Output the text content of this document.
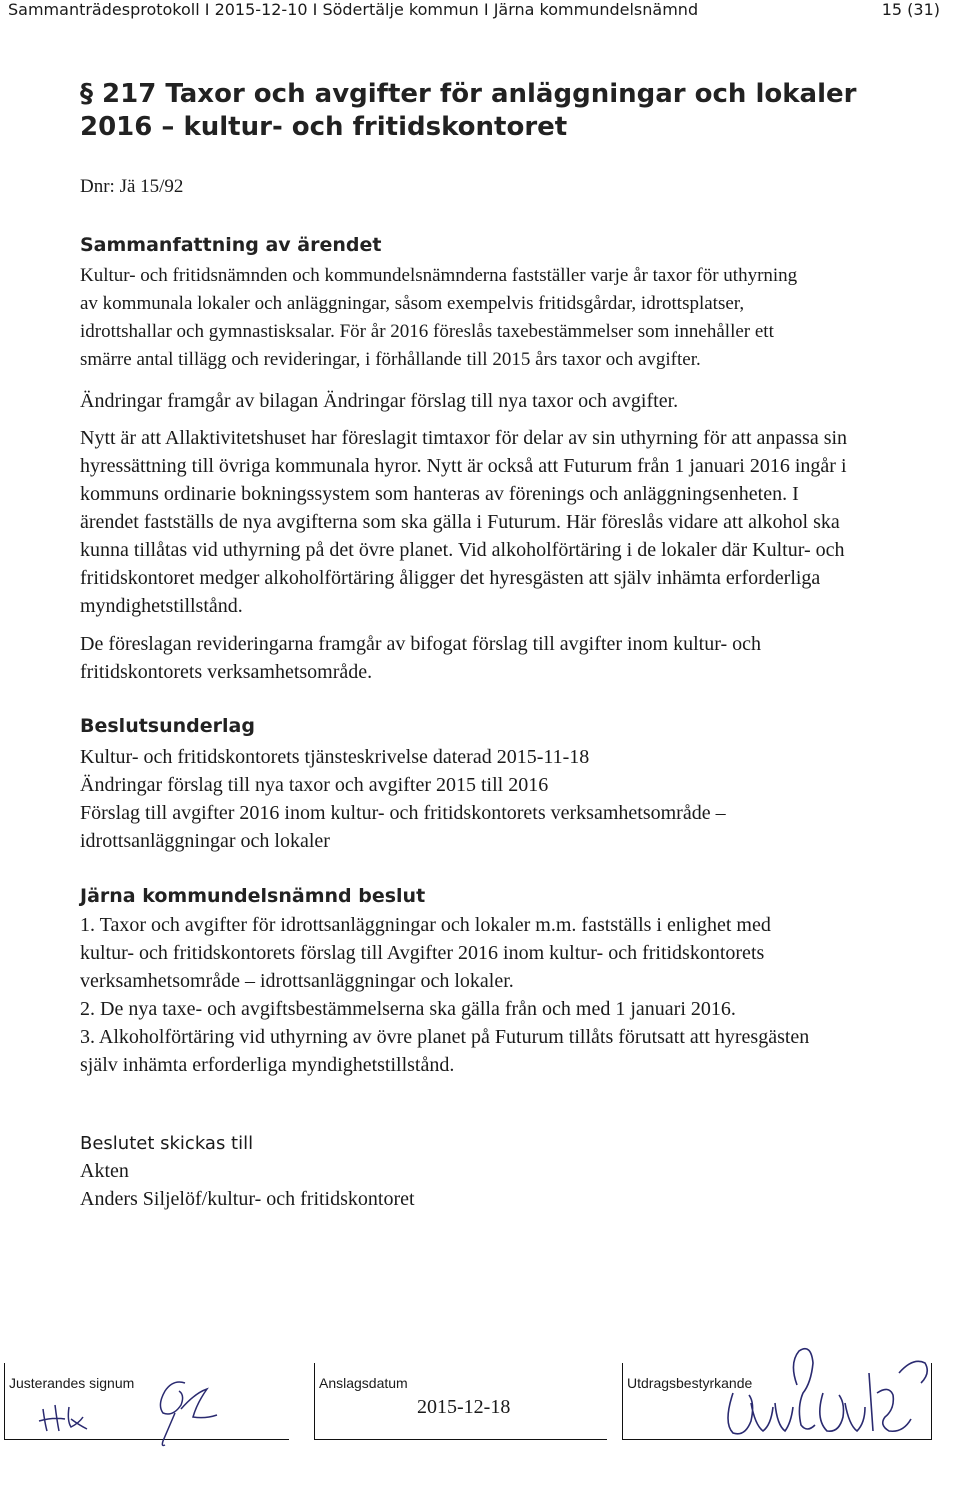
Sammanträdesprotokoll I 2015-12-10 I Södertälje kommun I Järna kommundelsnämnd	15 (31)
§ 217 Taxor och avgifter för anläggningar och lokaler
2016 – kultur- och fritidskontoret
Dnr: Jä 15/92
Sammanfattning av ärendet
Kultur- och fritidsnämnden och kommundelsnämnderna fastställer varje år taxor för uthyrning
av kommunala lokaler och anläggningar, såsom exempelvis fritidsgårdar, idrottsplatser,
idrottshallar och gymnastisksalar. För år 2016 föreslås taxebestämmelser som innehåller ett
smärre antal tillägg och revideringar, i förhållande till 2015 års taxor och avgifter.
Ändringar framgår av bilagan Ändringar förslag till nya taxor och avgifter.
Nytt är att Allaktivitetshuset har föreslagit timtaxor för delar av sin uthyrning för att anpassa sin
hyressättning till övriga kommunala hyror. Nytt är också att Futurum från 1 januari 2016 ingår i
kommuns ordinarie bokningssystem som hanteras av förenings och anläggningsenheten. I
ärendet fastställs de nya avgifterna som ska gälla i Futurum. Här föreslås vidare att alkohol ska
kunna tillåtas vid uthyrning på det övre planet. Vid alkoholförtäring i de lokaler där Kultur- och
fritidskontoret medger alkoholförtäring åligger det hyresgästen att själv inhämta erforderliga
myndighetstillstånd.
De föreslagan revideringarna framgår av bifogat förslag till avgifter inom kultur- och
fritidskontorets verksamhetsområde.
Beslutsunderlag
Kultur- och fritidskontorets tjänsteskrivelse daterad 2015-11-18
Ändringar förslag till nya taxor och avgifter 2015 till 2016
Förslag till avgifter 2016 inom kultur- och fritidskontorets verksamhetsområde –
idrottsanläggningar och lokaler
Järna kommundelsnämnd beslut
1. Taxor och avgifter för idrottsanläggningar och lokaler m.m. fastställs i enlighet med
kultur- och fritidskontorets förslag till Avgifter 2016 inom kultur- och fritidskontorets
verksamhetsområde – idrottsanläggningar och lokaler.
2. De nya taxe- och avgiftsbestämmelserna ska gälla från och med 1 januari 2016.
3. Alkoholförtäring vid uthyrning av övre planet på Futurum tillåts förutsatt att hyresgästen
själv inhämta erforderliga myndighetstillstånd.
Beslutet skickas till
Akten
Anders Siljelöf/kultur- och fritidskontoret
Justerandes signum	Anslagsdatum
2015-12-18
Utdragsbestyrkande
